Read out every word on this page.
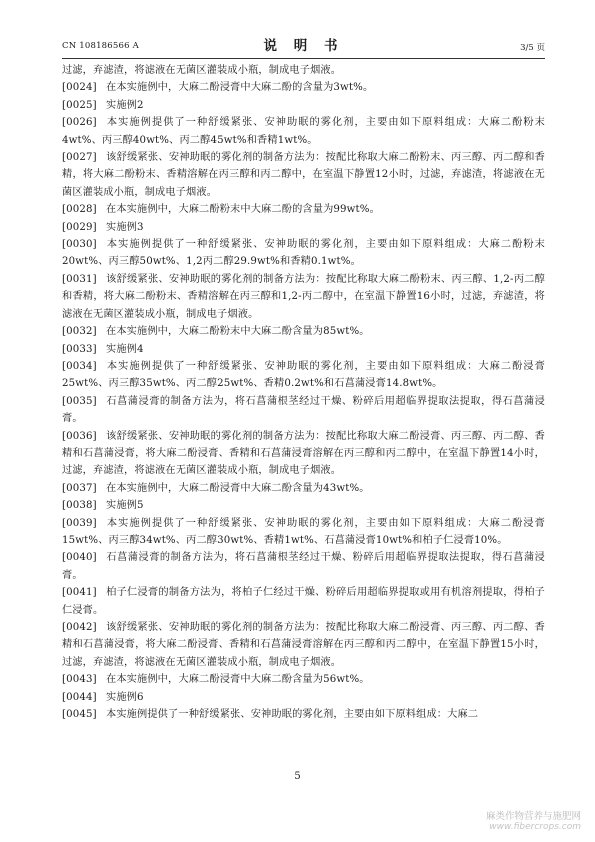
CN 108186566 A	说 明 书	3/5 页

过滤，弃滤渣，将滤液在无菌区灌装成小瓶，制成电子烟液。

[0024] 在本实施例中，大麻二酚浸膏中大麻二酚的含量为3wt%。

[0025] 实施例2

[0026] 本实施例提供了一种舒缓紧张、安神助眠的雾化剂，主要由如下原料组成：大麻二酚粉末4wt%、丙三醇40wt%、丙二醇45wt%和香精1wt%。

[0027] 该舒缓紧张、安神助眠的雾化剂的制备方法为：按配比称取大麻二酚粉末、丙三醇、丙二醇和香精，将大麻二酚粉末、香精溶解在丙三醇和丙二醇中，在室温下静置12小时，过滤，弃滤渣，将滤液在无菌区灌装成小瓶，制成电子烟液。

[0028] 在本实施例中，大麻二酚粉末中大麻二酚的含量为99wt%。

[0029] 实施例3

[0030] 本实施例提供了一种舒缓紧张、安神助眠的雾化剂，主要由如下原料组成：大麻二酚粉末20wt%、丙三醇50wt%、1,2丙二醇29.9wt%和香精0.1wt%。

[0031] 该舒缓紧张、安神助眠的雾化剂的制备方法为：按配比称取大麻二酚粉末、丙三醇、1,2-丙二醇和香精，将大麻二酚粉末、香精溶解在丙三醇和1,2-丙二醇中，在室温下静置16小时，过滤，弃滤渣，将滤液在无菌区灌装成小瓶，制成电子烟液。

[0032] 在本实施例中，大麻二酚粉末中大麻二酚含量为85wt%。

[0033] 实施例4

[0034] 本实施例提供了一种舒缓紧张、安神助眠的雾化剂，主要由如下原料组成：大麻二酚浸膏25wt%、丙三醇35wt%、丙二醇25wt%、香精0.2wt%和石菖蒲浸膏14.8wt%。

[0035] 石菖蒲浸膏的制备方法为，将石菖蒲根茎经过干燥、粉碎后用超临界提取法提取，得石菖蒲浸膏。

[0036] 该舒缓紧张、安神助眠的雾化剂的制备方法为：按配比称取大麻二酚浸膏、丙三醇、丙二醇、香精和石菖蒲浸膏，将大麻二酚浸膏、香精和石菖蒲浸膏溶解在丙三醇和丙二醇中，在室温下静置14小时，过滤，弃滤渣，将滤液在无菌区灌装成小瓶，制成电子烟液。

[0037] 在本实施例中，大麻二酚浸膏中大麻二酚含量为43wt%。

[0038] 实施例5

[0039] 本实施例提供了一种舒缓紧张、安神助眠的雾化剂，主要由如下原料组成：大麻二酚浸膏15wt%、丙三醇34wt%、丙二醇30wt%、香精1wt%、石菖蒲浸膏10wt%和柏子仁浸膏10%。

[0040] 石菖蒲浸膏的制备方法为，将石菖蒲根茎经过干燥、粉碎后用超临界提取法提取，得石菖蒲浸膏。

[0041] 柏子仁浸膏的制备方法为，将柏子仁经过干燥、粉碎后用超临界提取或用有机溶剂提取，得柏子仁浸膏。

[0042] 该舒缓紧张、安神助眠的雾化剂的制备方法为：按配比称取大麻二酚浸膏、丙三醇、丙二醇、香精和石菖蒲浸膏，将大麻二酚浸膏、香精和石菖蒲浸膏溶解在丙三醇和丙二醇中，在室温下静置15小时，过滤，弃滤渣，将滤液在无菌区灌装成小瓶，制成电子烟液。

[0043] 在本实施例中，大麻二酚浸膏中大麻二酚含量为56wt%。

[0044] 实施例6

[0045] 本实施例提供了一种舒缓紧张、安神助眠的雾化剂，主要由如下原料组成：大麻二

5
麻类作物营养与施肥网
www.fibercrops.com
